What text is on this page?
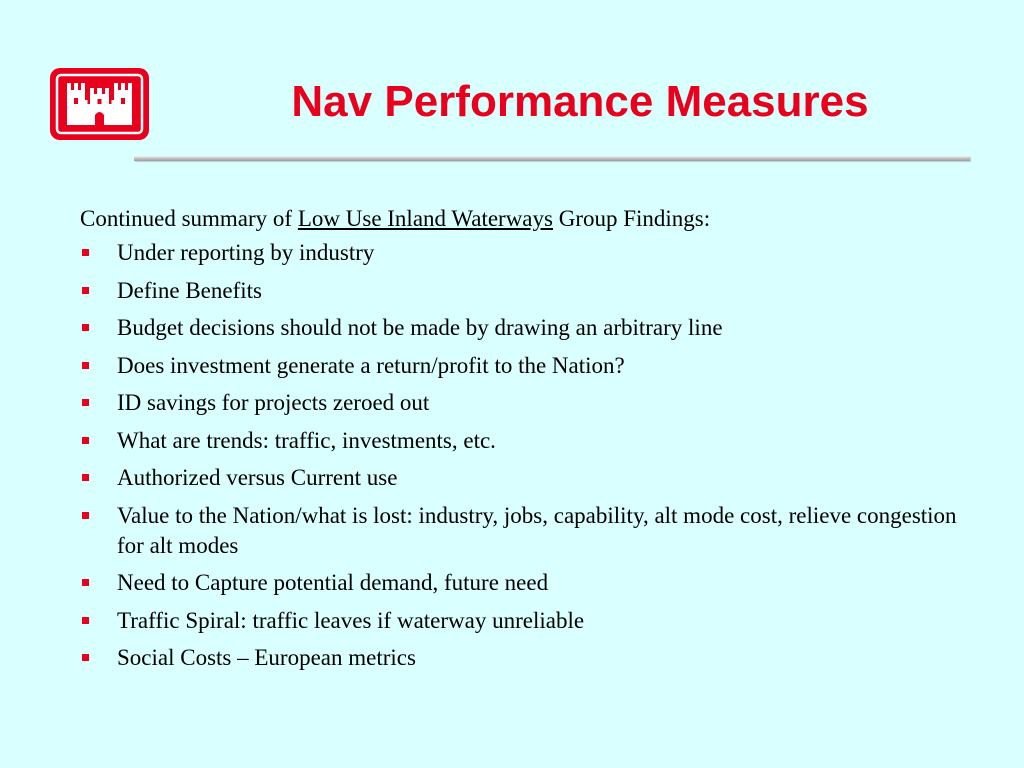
Nav Performance Measures

Continued summary of Low Use Inland Waterways Group Findings:

Under reporting by industry
Define Benefits
Budget decisions should not be made by drawing an arbitrary line
Does investment generate a return/profit to the Nation?
ID savings for projects zeroed out
What are trends: traffic, investments, etc.
Authorized versus Current use
Value to the Nation/what is lost: industry, jobs, capability, alt mode cost, relieve congestion for alt modes
Need to Capture potential demand, future need
Traffic Spiral: traffic leaves if waterway unreliable
Social Costs – European metrics
